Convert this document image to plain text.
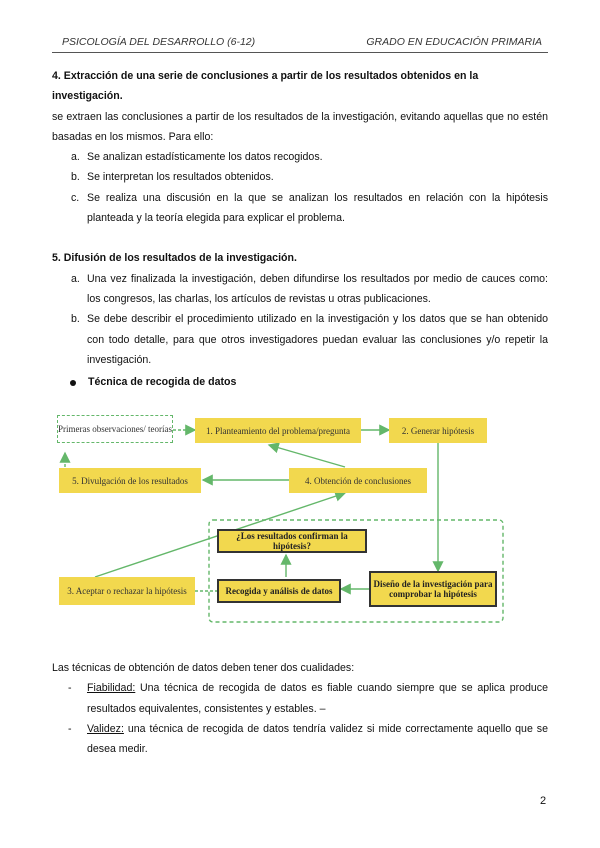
PSICOLOGÍA DEL DESARROLLO (6-12)	GRADO EN EDUCACIÓN PRIMARIA

4. Extracción de una serie de conclusiones a partir de los resultados obtenidos en la investigación.

se extraen las conclusiones a partir de los resultados de la investigación, evitando aquellas que no estén basadas en los mismos. Para ello:

a. Se analizan estadísticamente los datos recogidos.
b. Se interpretan los resultados obtenidos.
c. Se realiza una discusión en la que se analizan los resultados en relación con la hipótesis planteada y la teoría elegida para explicar el problema.

5. Difusión de los resultados de la investigación.

a. Una vez finalizada la investigación, deben difundirse los resultados por medio de cauces como: los congresos, las charlas, los artículos de revistas u otras publicaciones.
b. Se debe describir el procedimiento utilizado en la investigación y los datos que se han obtenido con todo detalle, para que otros investigadores puedan evaluar las conclusiones y/o repetir la investigación.
Técnica de recogida de datos
Primeras observaciones/ teorías	1. Planteamiento del problema/pregunta	2. Generar hipótesis
5. Divulgación de los resultados	4. Obtención de conclusiones
¿Los resultados confirman la hipótesis?
3. Aceptar o rechazar la hipótesis	Recogida y análisis de datos
Diseño de la investigación para comprobar la hipótesis

Las técnicas de obtención de datos deben tener dos cualidades:

- Fiabilidad: Una técnica de recogida de datos es fiable cuando siempre que se aplica produce resultados equivalentes, consistentes y estables. –

- Validez: una técnica de recogida de datos tendría validez si mide correctamente aquello que se desea medir.

2
